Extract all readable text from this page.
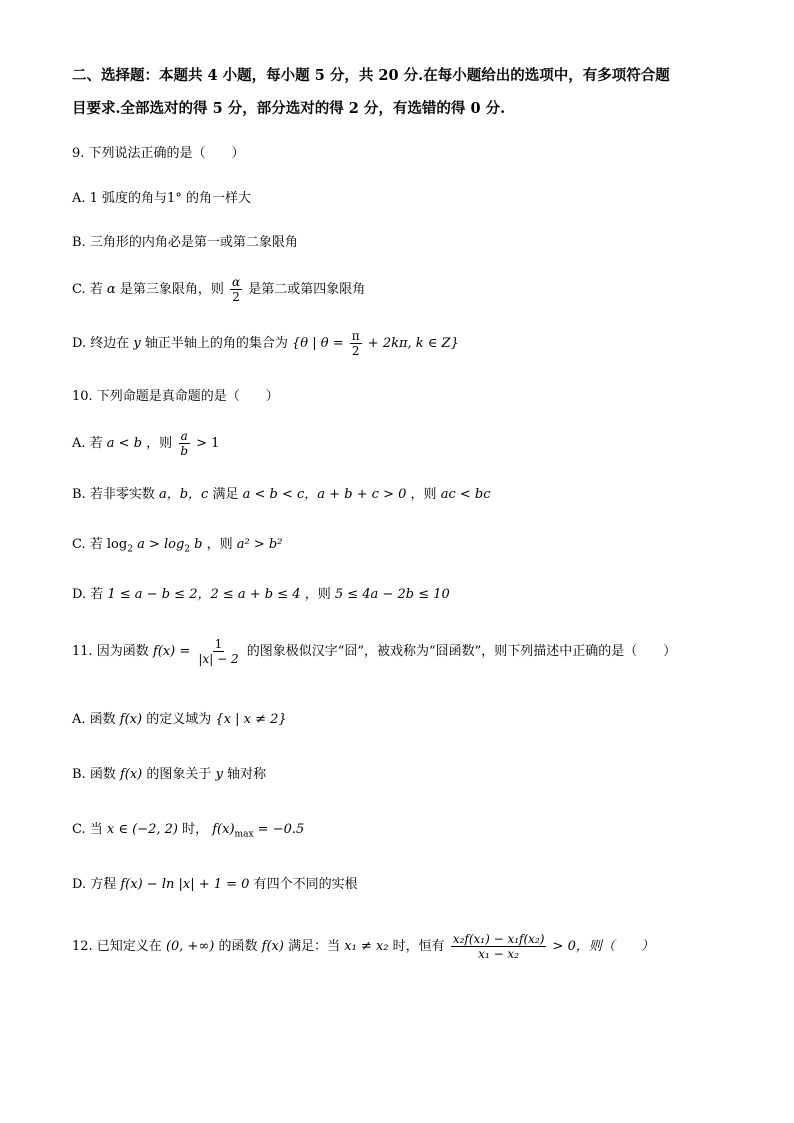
二、选择题：本题共 4 小题，每小题 5 分，共 20 分.在每小题给出的选项中，有多项符合题
目要求.全部选对的得 5 分，部分选对的得 2 分，有选错的得 0 分.
9. 下列说法正确的是（　　）
A. 1 弧度的角与1° 的角一样大
B. 三角形的内角必是第一或第二象限角
C. 若 α 是第三象限角，则 $\frac{\alpha}{2}$ 是第二或第四象限角
D. 终边在 y 轴正半轴上的角的集合为 {θ | $\theta = \frac{\pi}{2} + 2k\pi$, k ∈ Z}
10. 下列命题是真命题的是（　　）
A. 若 a < b ，则 $\frac{a}{b} > 1$
B. 若非零实数 a，b，c 满足 a < b < c，a + b + c > 0 ，则 ac < bc
C. 若 $\log_2 a > \log_2 b$ ，则 a² > b²
D. 若 1 ≤ a − b ≤ 2，2 ≤ a + b ≤ 4 ，则 5 ≤ 4a − 2b ≤ 10
11. 因为函数 $f(x) = \frac{1}{|x| - 2}$ 的图象极似汉字“囧”，被戏称为“囧函数”，则下列描述中正确的是（　　）
A. 函数 f(x) 的定义域为 {x | x ≠ 2}
B. 函数 f(x) 的图象关于 y 轴对称
C. 当 x ∈ (−2, 2) 时， $f(x)_{max} = -0.5$
D. 方程 f(x) − ln |x| + 1 = 0 有四个不同的实根
12. 已知定义在 (0, +∞) 的函数 f(x) 满足：当 x₁ ≠ x₂ 时，恒有 $\frac{\text{x₂f(x₁) − x₁f(x₂)}}{\text{x₁ − x₂}} > 0$，则（　　）
